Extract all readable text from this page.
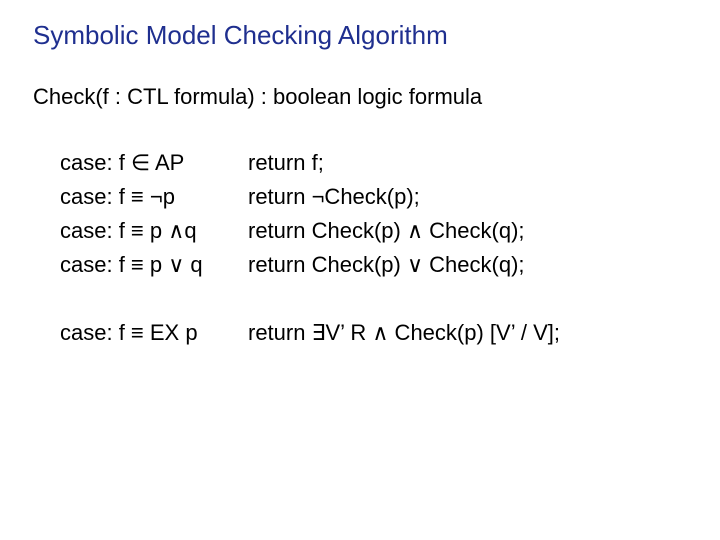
Symbolic Model Checking Algorithm
Check(f : CTL formula) : boolean logic formula
case: f ∈ AP	return f;
case: f ≡ ¬p	return ¬Check(p);
case: f ≡ p ∧q return Check(p) ∧ Check(q);
case: f ≡ p ∨ q return Check(p) ∨ Check(q);
case: f ≡ EX p return ∃V’ R ∧ Check(p) [V’ / V];
